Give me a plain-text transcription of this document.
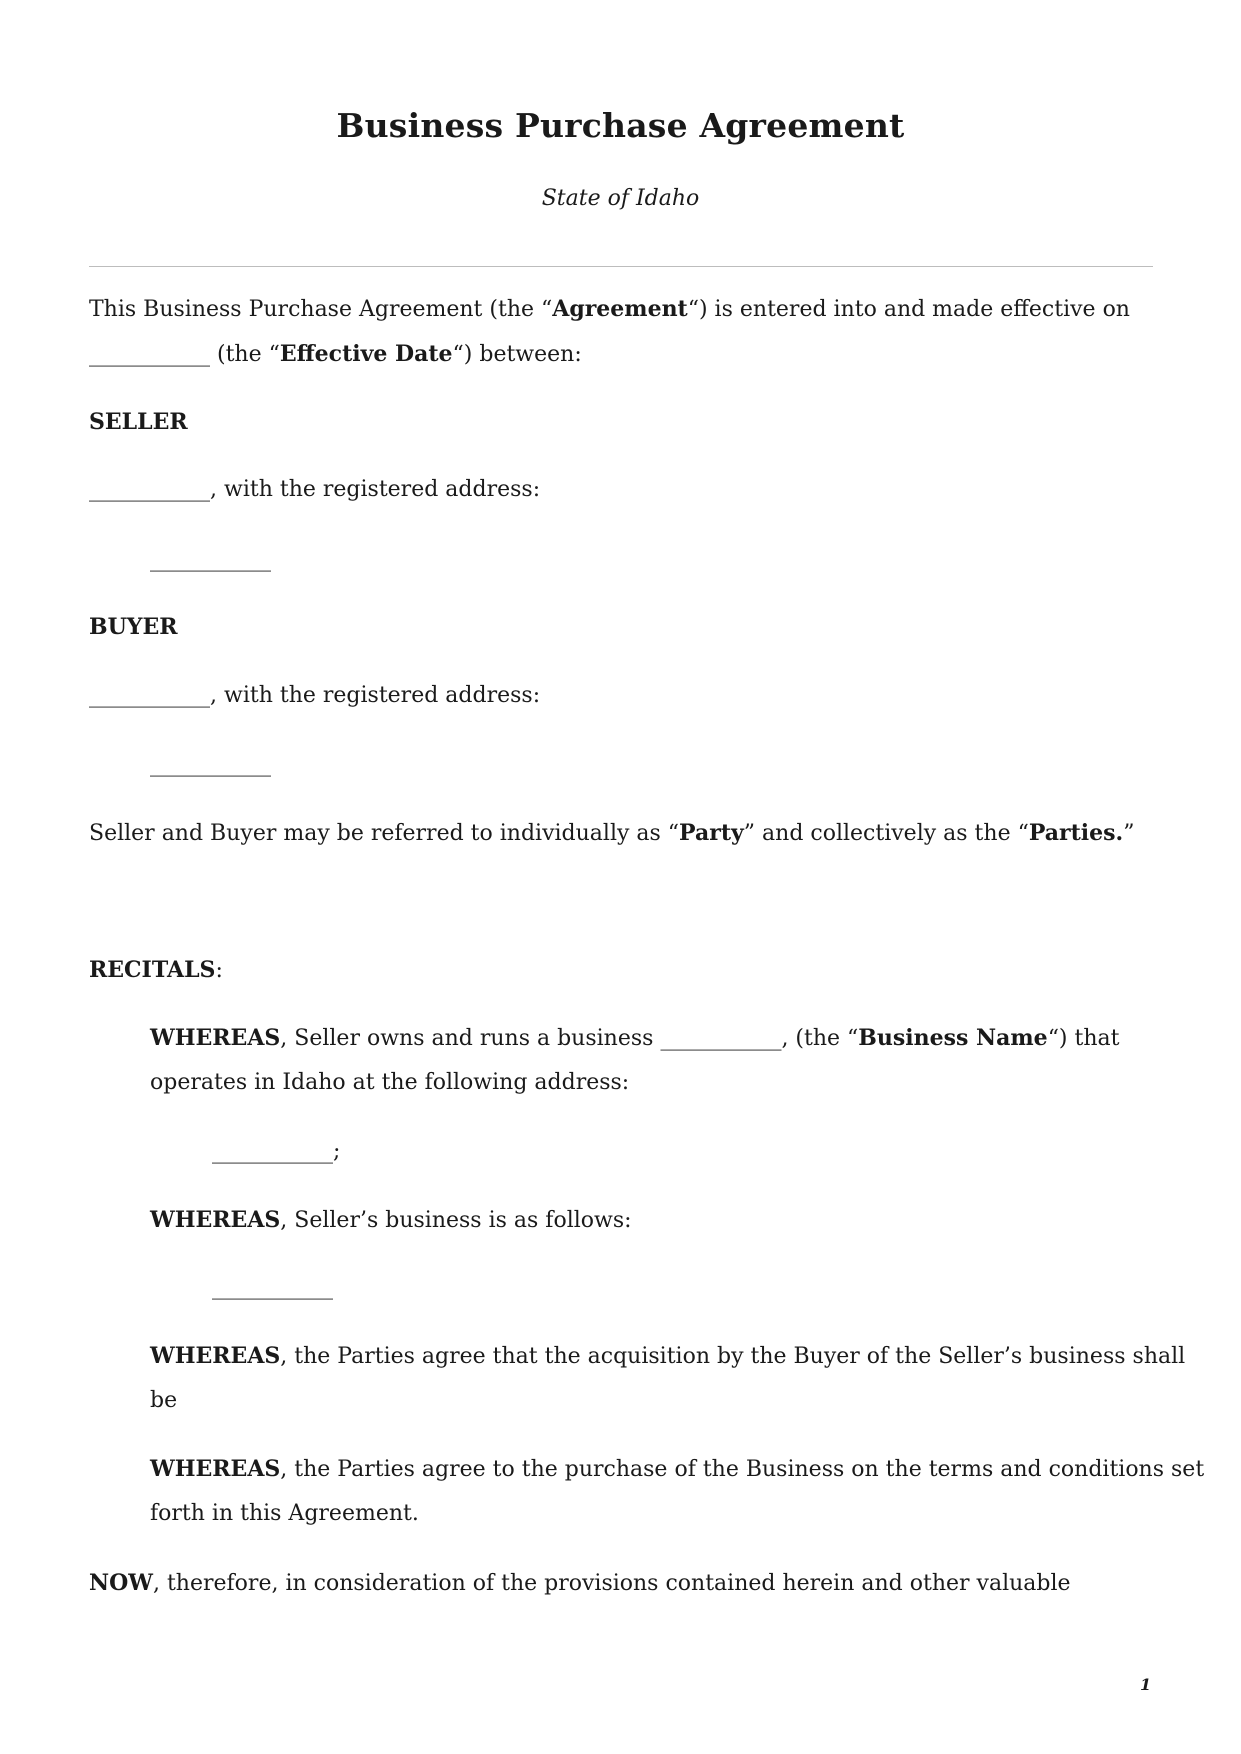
Business Purchase Agreement
State of Idaho
This Business Purchase Agreement (the “Agreement“) is entered into and made effective on
___________ (the “Effective Date“) between:
SELLER
___________, with the registered address:
___________
BUYER
___________, with the registered address:
___________
Seller and Buyer may be referred to individually as “Party” and collectively as the “Parties.”
RECITALS:
WHEREAS, Seller owns and runs a business ___________, (the “Business Name“) that
operates in Idaho at the following address:
___________;
WHEREAS, Seller’s business is as follows:
___________
WHEREAS, the Parties agree that the acquisition by the Buyer of the Seller’s business shall
be
WHEREAS, the Parties agree to the purchase of the Business on the terms and conditions set
forth in this Agreement.
NOW, therefore, in consideration of the provisions contained herein and other valuable
1
